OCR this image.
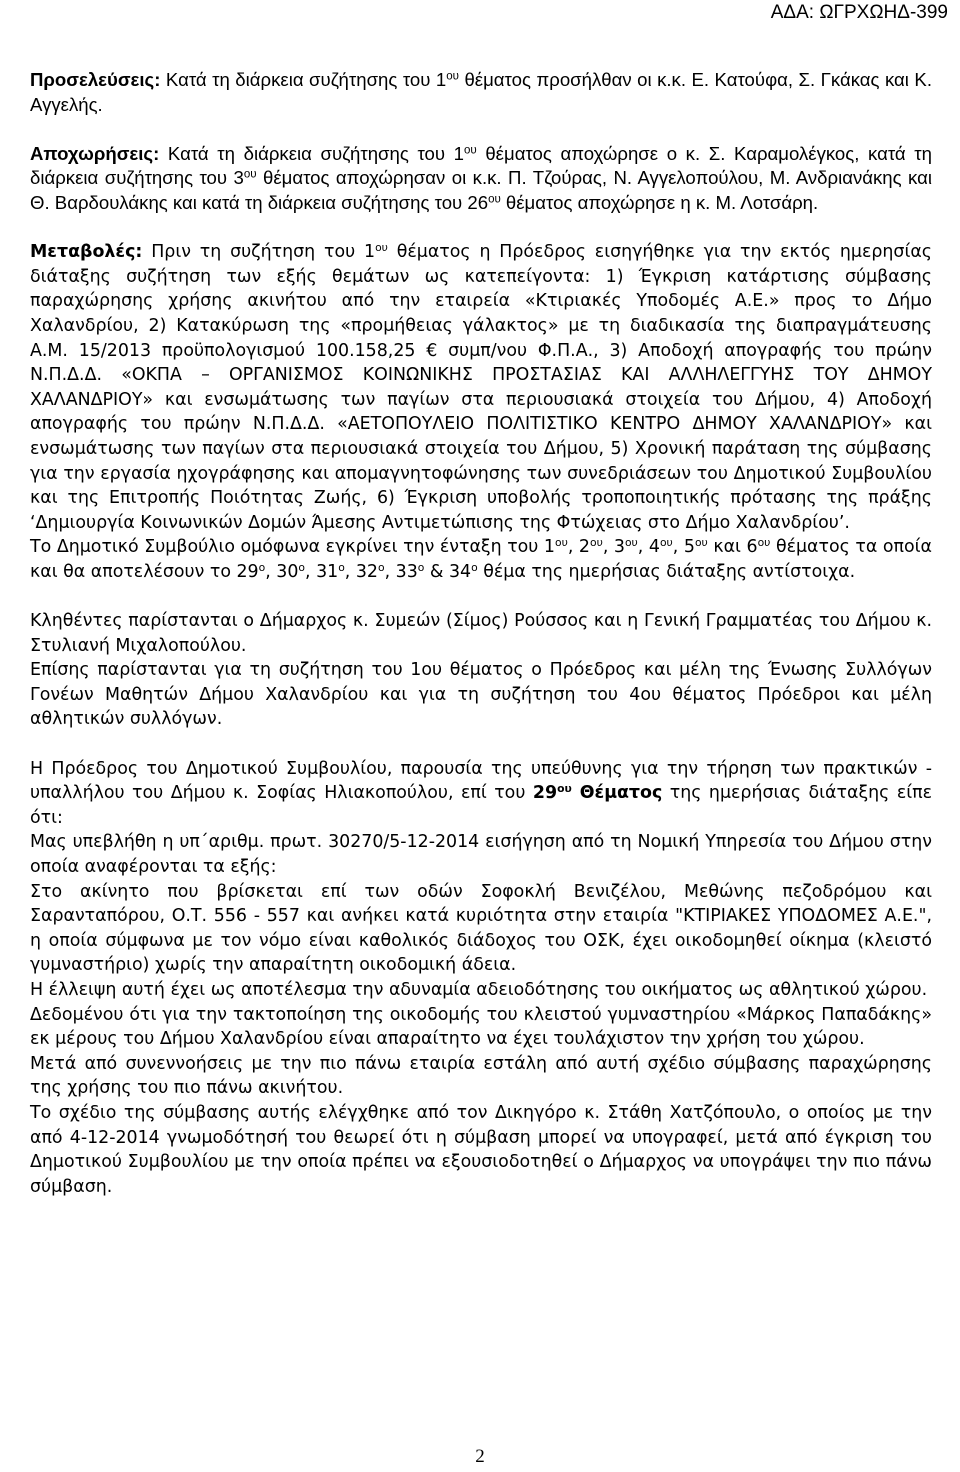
ΑΔΑ: ΩΓΡΧΩΗΔ-399

Προσελεύσεις: Κατά τη διάρκεια συζήτησης του $1^{o\upsilon}$ θέματος προσήλθαν οι κ.κ. Ε. Κατούφα, Σ. Γκάκας και Κ. Αγγελής.

Αποχωρήσεις: Κατά τη διάρκεια συζήτησης του $1^{o\upsilon}$ θέματος αποχώρησε ο κ. Σ. Καραμολέγκος, κατά τη διάρκεια συζήτησης του $3^{o\upsilon}$ θέματος αποχώρησαν οι κ.κ. Π. Τζούρας, Ν. Αγγελοπούλου, Μ. Ανδριανάκης και Θ. Βαρδουλάκης και κατά τη διάρκεια συζήτησης του $26^{o\upsilon}$ θέματος αποχώρησε η κ. Μ. Λοτσάρη.

Μεταβολές: Πριν τη συζήτηση του $1^{o\upsilon}$ θέματος η Πρόεδρος εισηγήθηκε για την εκτός ημερησίας διάταξης συζήτηση των εξής θεμάτων ως κατεπείγοντα: 1) Έγκριση κατάρτισης σύμβασης παραχώρησης χρήσης ακινήτου από την εταιρεία «Κτιριακές Υποδομές Α.Ε.» προς το Δήμο Χαλανδρίου, 2) Κατακύρωση της «προμήθειας γάλακτος» με τη διαδικασία της διαπραγμάτευσης Α.Μ. 15/2013 προϋπολογισμού 100.158,25 € συμπ/νου Φ.Π.Α., 3) Αποδοχή απογραφής του πρώην Ν.Π.Δ.Δ. «ΟΚΠΑ – ΟΡΓΑΝΙΣΜΟΣ ΚΟΙΝΩΝΙΚΗΣ ΠΡΟΣΤΑΣΙΑΣ ΚΑΙ ΑΛΛΗΛΕΓΓΥΗΣ ΤΟΥ ΔΗΜΟΥ ΧΑΛΑΝΔΡΙΟΥ» και ενσωμάτωσης των παγίων στα περιουσιακά στοιχεία του Δήμου, 4) Αποδοχή απογραφής του πρώην Ν.Π.Δ.Δ. «ΑΕΤΟΠΟΥΛΕΙΟ ΠΟΛΙΤΙΣΤΙΚΟ ΚΕΝΤΡΟ ΔΗΜΟΥ ΧΑΛΑΝΔΡΙΟΥ» και ενσωμάτωσης των παγίων στα περιουσιακά στοιχεία του Δήμου, 5) Χρονική παράταση της σύμβασης για την εργασία ηχογράφησης και απομαγνητοφώνησης των συνεδριάσεων του Δημοτικού Συμβουλίου και της Επιτροπής Ποιότητας Ζωής, 6) Έγκριση υποβολής τροποποιητικής πρότασης της πράξης ‘Δημιουργία Κοινωνικών Δομών Άμεσης Αντιμετώπισης της Φτώχειας στο Δήμο Χαλανδρίου’.

Το Δημοτικό Συμβούλιο ομόφωνα εγκρίνει την ένταξη του $1^{o\upsilon}$, $2^{o\upsilon}$, $3^{o\upsilon}$, $4^{o\upsilon}$, $5^{o\upsilon}$ και $6^{o\upsilon}$ θέματος τα οποία και θα αποτελέσουν το $29^o$, $30^o$, $31^o$, $32^o$, $33^o$ & $34^o$ θέμα της ημερήσιας διάταξης αντίστοιχα.

Κληθέντες παρίστανται ο Δήμαρχος κ. Συμεών (Σίμος) Ρούσσος και η Γενική Γραμματέας του Δήμου κ. Στυλιανή Μιχαλοπούλου.

Επίσης παρίστανται για τη συζήτηση του 1ου θέματος ο Πρόεδρος και μέλη της Ένωσης Συλλόγων Γονέων Μαθητών Δήμου Χαλανδρίου και για τη συζήτηση του 4ου θέματος Πρόεδροι και μέλη αθλητικών συλλόγων.

Η Πρόεδρος του Δημοτικού Συμβουλίου, παρουσία της υπεύθυνης για την τήρηση των πρακτικών - υπαλλήλου του Δήμου κ. Σοφίας Ηλιακοπούλου, επί του $29^{o\upsilon}$ Θέματος της ημερήσιας διάταξης είπε ότι:

Μας υπεβλήθη η υπ΄αριθμ. πρωτ. 30270/5-12-2014 εισήγηση από τη Νομική Υπηρεσία του Δήμου στην οποία αναφέρονται τα εξής:

Στο ακίνητο που βρίσκεται επί των οδών Σοφοκλή Βενιζέλου, Μεθώνης πεζοδρόμου και Σαρανταπόρου, Ο.Τ. 556 - 557 και ανήκει κατά κυριότητα στην εταιρία "ΚΤΙΡΙΑΚΕΣ ΥΠΟΔΟΜΕΣ Α.Ε.", η οποία σύμφωνα με τον νόμο είναι καθολικός διάδοχος του ΟΣΚ, έχει οικοδομηθεί οίκημα (κλειστό γυμναστήριο) χωρίς την απαραίτητη οικοδομική άδεια.

Η έλλειψη αυτή έχει ως αποτέλεσμα την αδυναμία αδειοδότησης του οικήματος ως αθλητικού χώρου.

Δεδομένου ότι για την τακτοποίηση της οικοδομής του κλειστού γυμναστηρίου «Μάρκος Παπαδάκης» εκ μέρους του Δήμου Χαλανδρίου είναι απαραίτητο να έχει τουλάχιστον την χρήση του χώρου.

Μετά από συνεννοήσεις με την πιο πάνω εταιρία εστάλη από αυτή σχέδιο σύμβασης παραχώρησης της χρήσης του πιο πάνω ακινήτου.

Το σχέδιο της σύμβασης αυτής ελέγχθηκε από τον Δικηγόρο κ. Στάθη Χατζόπουλο, ο οποίος με την από 4-12-2014 γνωμοδότησή του θεωρεί ότι η σύμβαση μπορεί να υπογραφεί, μετά από έγκριση του Δημοτικού Συμβουλίου με την οποία πρέπει να εξουσιοδοτηθεί ο Δήμαρχος να υπογράψει την πιο πάνω σύμβαση.

2
